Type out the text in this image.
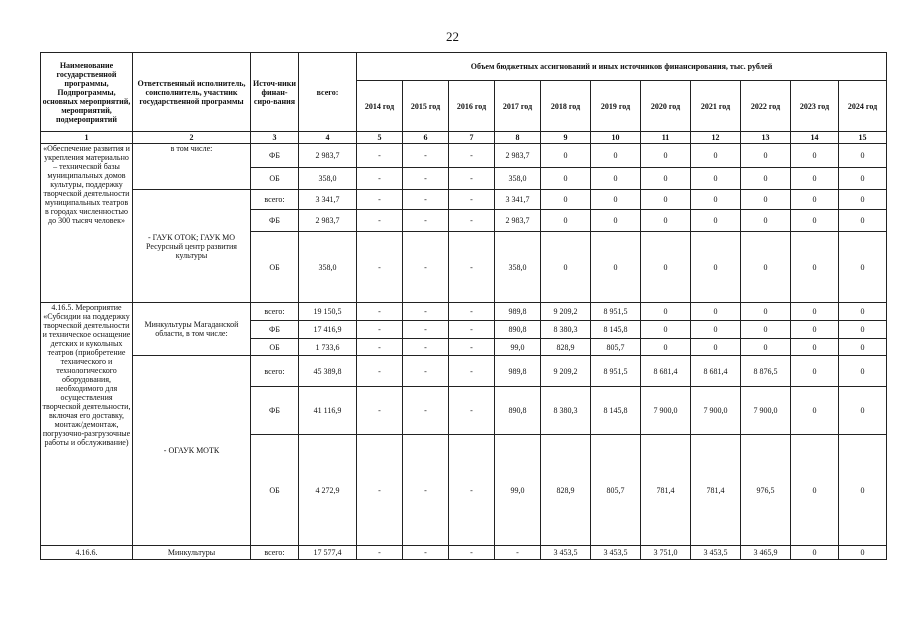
22
Наименование государственной программы, Подпрограммы, основных мероприятий, мероприятий, подмероприятий	Ответственный исполнитель, соисполнитель, участник государственной программы	Источ-ники финан-сиро-вания	всего:	Объем бюджетных ассигнований и иных источников финансирования, тыс. рублей										
				2014 год	2015 год	2016 год	2017 год	2018 год	2019 год	2020 год	2021 год	2022 год	2023 год	2024 год
1	2	3	4	5	6	7	8	9	10	11	12	13	14	15
«Обеспечение развития и укрепления материально – технической базы муниципальных домов культуры, поддержку творческой деятельности муниципальных театров в городах численностью до 300 тысяч человек»	в том числе:	ФБ	2 983,7	-	-	-	2 983,7	0	0	0	0	0	0	0
		ОБ	358,0	-	-	-	358,0	0	0	0	0	0	0	0
	- ГАУК ОТОК; ГАУК МО Ресурсный центр развития культуры	всего:	3 341,7	-	-	-	3 341,7	0	0	0	0	0	0	0
		ФБ	2 983,7	-	-	-	2 983,7	0	0	0	0	0	0	0
		ОБ	358,0	-	-	-	358,0	0	0	0	0	0	0	0
4.16.5. Мероприятие «Субсидии на поддержку творческой деятельности и техническое оснащение детских и кукольных театров (приобретение технического и технологического оборудования, необходимого для осуществления творческой деятельности, включая его доставку, монтаж/демонтаж, погрузочно-разгрузочные работы и обслуживание)	Минкультуры Магаданской области, в том числе:	всего:	19 150,5	-	-	-	989,8	9 209,2	8 951,5	0	0	0	0	0
		ФБ	17 416,9	-	-	-	890,8	8 380,3	8 145,8	0	0	0	0	0
		ОБ	1 733,6	-	-	-	99,0	828,9	805,7	0	0	0	0	0
	- ОГАУК МОТК	всего:	45 389,8	-	-	-	989,8	9 209,2	8 951,5	8 681,4	8 681,4	8 876,5	0	0
		ФБ	41 116,9	-	-	-	890,8	8 380,3	8 145,8	7 900,0	7 900,0	7 900,0	0	0
		ОБ	4 272,9	-	-	-	99,0	828,9	805,7	781,4	781,4	976,5	0	0
4.16.6.	Минкультуры	всего:	17 577,4	-	-	-	-	3 453,5	3 453,5	3 751,0	3 453,5	3 465,9	0	0
